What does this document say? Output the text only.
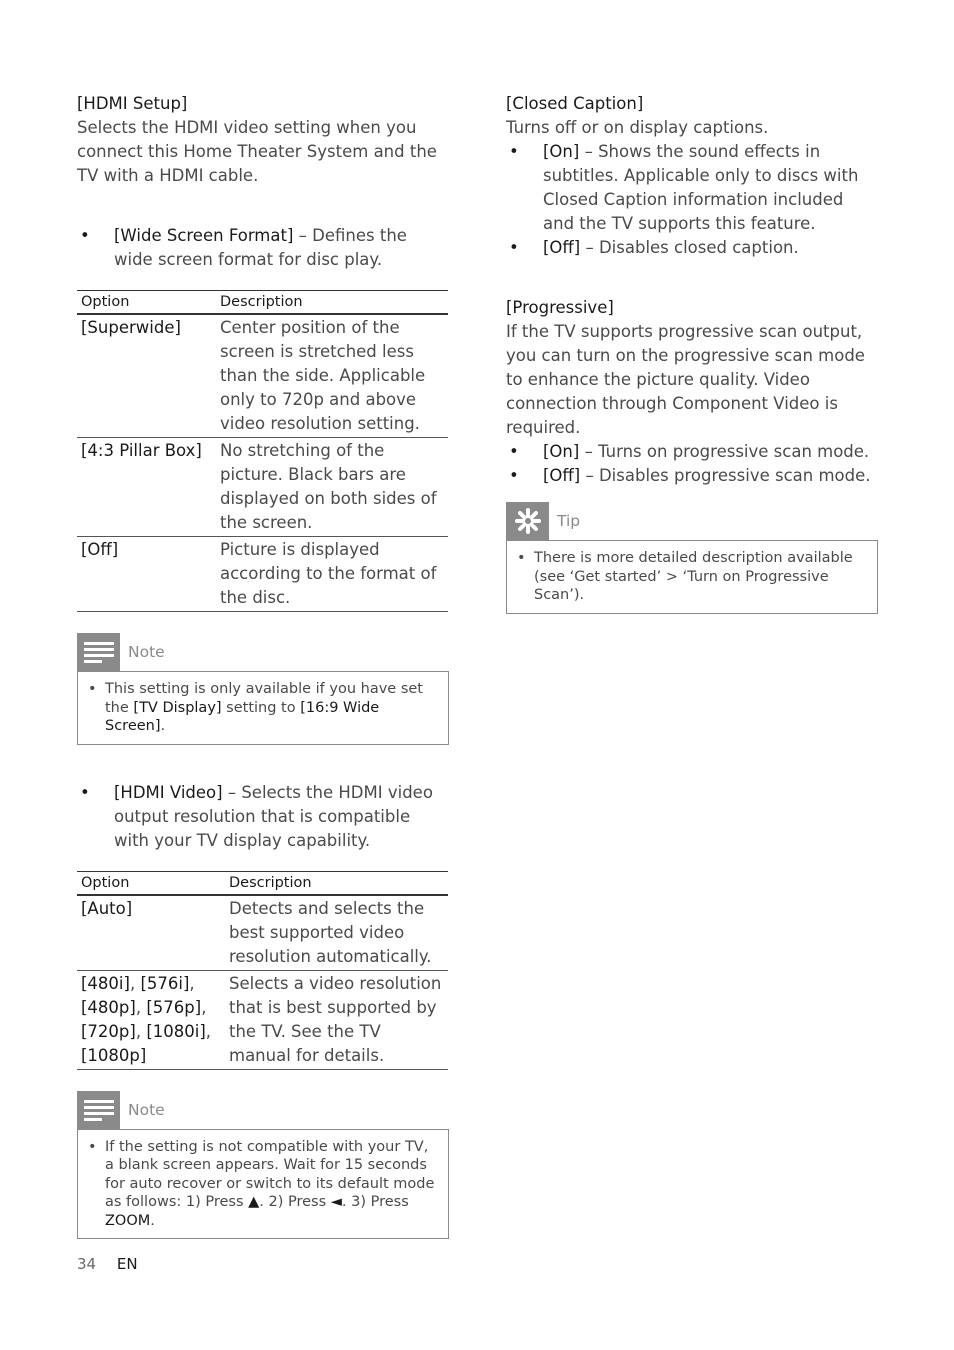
[HDMI Setup]
Selects the HDMI video setting when you connect this Home Theater System and the TV with a HDMI cable.
• [Wide Screen Format] – Defines the wide screen format for disc play.
Option	Description
[Superwide]	Center position of the screen is stretched less than the side. Applicable only to 720p and above video resolution setting.
[4:3 Pillar Box]	No stretching of the picture. Black bars are displayed on both sides of the screen.
[Off]	Picture is displayed according to the format of the disc.
Note
• This setting is only available if you have set the [TV Display] setting to [16:9 Wide Screen].
• [HDMI Video] – Selects the HDMI video output resolution that is compatible with your TV display capability.
Option	Description
[Auto]	Detects and selects the best supported video resolution automatically.
[480i], [576i], [480p], [576p],[720p], [1080i],[1080p]	Selects a video resolution that is best supported by the TV. See the TV manual for details.
Note
• If the setting is not compatible with your TV, a blank screen appears. Wait for 15 seconds for auto recover or switch to its default mode as follows: 1) Press ▲. 2) Press ◄. 3) Press ZOOM.
[Closed Caption]
Turns off or on display captions.
• [On] – Shows the sound effects in subtitles. Applicable only to discs with Closed Caption information included and the TV supports this feature.
• [Off] – Disables closed caption.
[Progressive]
If the TV supports progressive scan output, you can turn on the progressive scan mode to enhance the picture quality. Video connection through Component Video is required.
• [On] – Turns on progressive scan mode.
• [Off] – Disables progressive scan mode.
Tip
• There is more detailed description available (see ‘Get started’ > ‘Turn on Progressive Scan’).
34 EN
